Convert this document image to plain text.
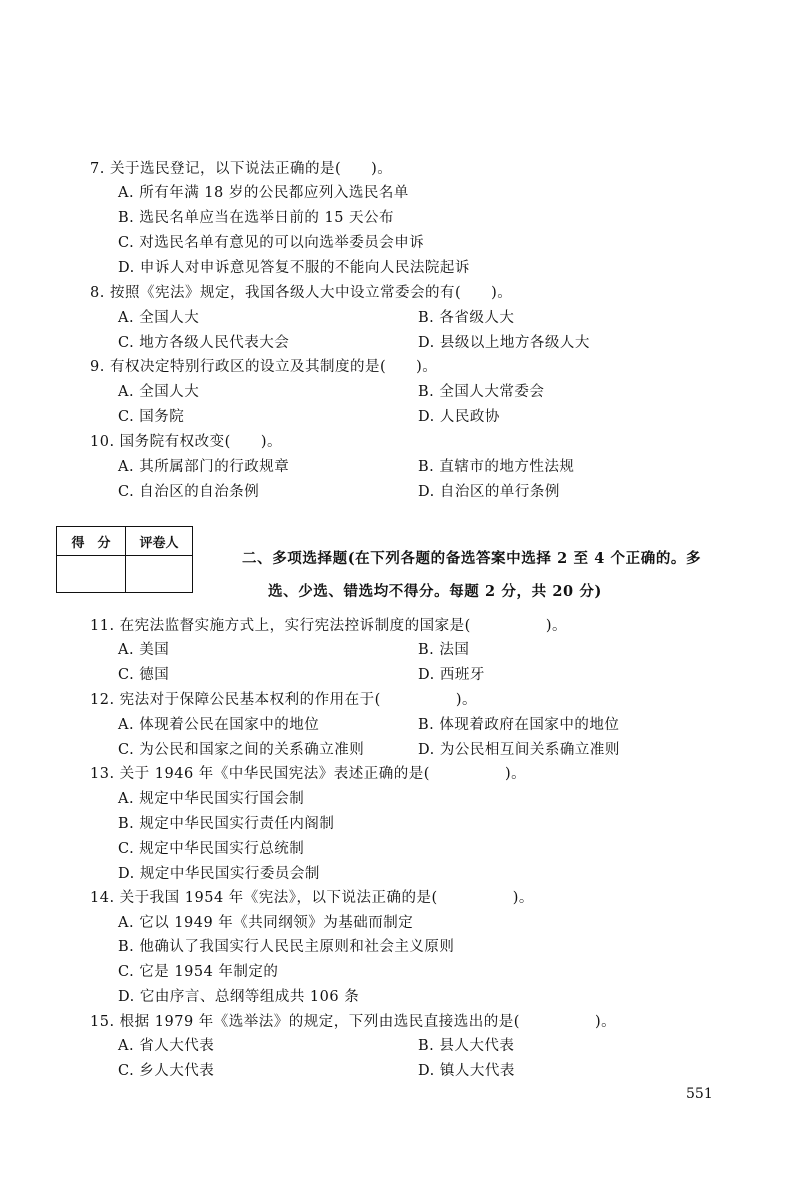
7. 关于选民登记，以下说法正确的是(　　)。
A. 所有年满 18 岁的公民都应列入选民名单
B. 选民名单应当在选举日前的 15 天公布
C. 对选民名单有意见的可以向选举委员会申诉
D. 申诉人对申诉意见答复不服的不能向人民法院起诉
8. 按照《宪法》规定，我国各级人大中设立常委会的有(　　)。
A. 全国人大	B. 各省级人大
C. 地方各级人民代表大会	D. 县级以上地方各级人大
9. 有权决定特别行政区的设立及其制度的是(　　)。
A. 全国人大	B. 全国人大常委会
C. 国务院	D. 人民政协
10. 国务院有权改变(　　)。
A. 其所属部门的行政规章	B. 直辖市的地方性法规
C. 自治区的自治条例	D. 自治区的单行条例
得　分	评卷人

二、多项选择题(在下列各题的备选答案中选择 2 至 4 个正确的。多
选、少选、错选均不得分。每题 2 分，共 20 分)
11. 在宪法监督实施方式上，实行宪法控诉制度的国家是(　　　　　)。
A. 美国	B. 法国
C. 德国	D. 西班牙
12. 宪法对于保障公民基本权利的作用在于(　　　　　)。
A. 体现着公民在国家中的地位	B. 体现着政府在国家中的地位
C. 为公民和国家之间的关系确立准则	D. 为公民相互间关系确立准则
13. 关于 1946 年《中华民国宪法》表述正确的是(　　　　　)。
A. 规定中华民国实行国会制
B. 规定中华民国实行责任内阁制
C. 规定中华民国实行总统制
D. 规定中华民国实行委员会制
14. 关于我国 1954 年《宪法》，以下说法正确的是(　　　　　)。
A. 它以 1949 年《共同纲领》为基础而制定
B. 他确认了我国实行人民民主原则和社会主义原则
C. 它是 1954 年制定的
D. 它由序言、总纲等组成共 106 条
15. 根据 1979 年《选举法》的规定，下列由选民直接选出的是(　　　　　)。
A. 省人大代表	B. 县人大代表
C. 乡人大代表	D. 镇人大代表
551
